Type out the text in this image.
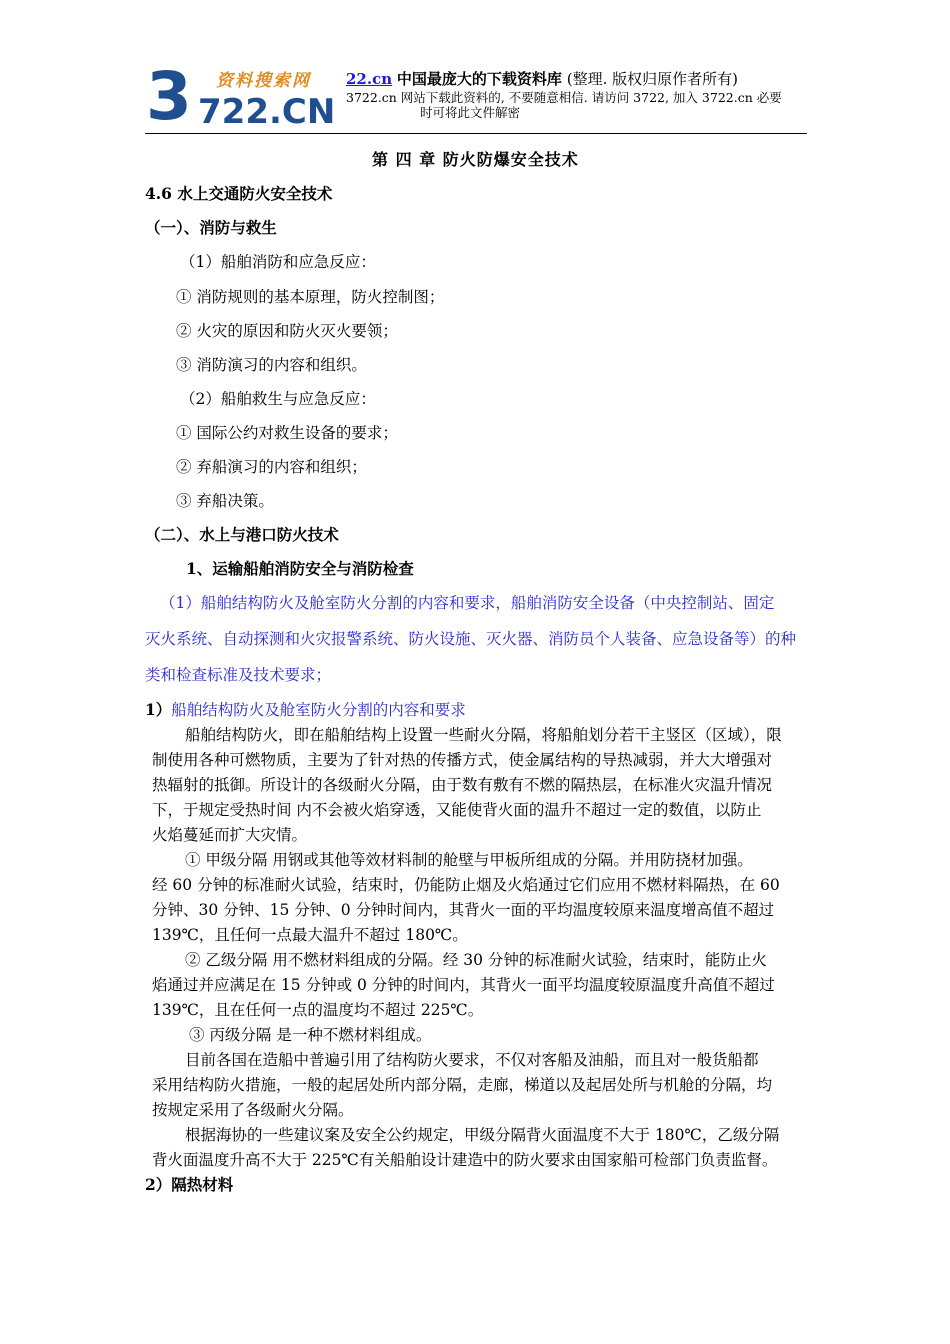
3 资料搜索网
722.CN
22.cn 中国最庞大的下载资料库 (整理. 版权归原作者所有)
3722.cn 网站下载此资料的, 不要随意相信. 请访问 3722, 加入 3722.cn 必要
时可将此文件解密
第 四 章 防火防爆安全技术
4.6 水上交通防火安全技术
（一）、消防与救生
（1）船舶消防和应急反应：
① 消防规则的基本原理，防火控制图；
② 火灾的原因和防火灭火要领；
③ 消防演习的内容和组织。
（2）船舶救生与应急反应：
① 国际公约对救生设备的要求；
② 弃船演习的内容和组织；
③ 弃船决策。
（二）、水上与港口防火技术
1、运输船舶消防安全与消防检查
（1）船舶结构防火及舱室防火分割的内容和要求，船舶消防安全设备（中央控制站、固定
灭火系统、自动探测和火灾报警系统、防火设施、灭火器、消防员个人装备、应急设备等）的种
类和检查标准及技术要求；
1）船舶结构防火及舱室防火分割的内容和要求
船舶结构防火，即在船舶结构上设置一些耐火分隔，将船舶划分若干主竖区（区域），限
制使用各种可燃物质，主要为了针对热的传播方式，使金属结构的导热减弱，并大大增强对
热辐射的抵御。所设计的各级耐火分隔，由于数有敷有不燃的隔热层，在标准火灾温升情况
下，于规定受热时间 内不会被火焰穿透，又能使背火面的温升不超过一定的数值，以防止
火焰蔓延而扩大灾情。
① 甲级分隔 用钢或其他等效材料制的舱壁与甲板所组成的分隔。并用防挠材加强。
经 60 分钟的标准耐火试验，结束时，仍能防止烟及火焰通过它们应用不燃材料隔热，在 60
分钟、30 分钟、15 分钟、0 分钟时间内，其背火一面的平均温度较原来温度增高值不超过
139℃，且任何一点最大温升不超过 180℃。
② 乙级分隔 用不燃材料组成的分隔。经 30 分钟的标准耐火试验，结束时，能防止火
焰通过并应满足在 15 分钟或 0 分钟的时间内，其背火一面平均温度较原温度升高值不超过
139℃，且在任何一点的温度均不超过 225℃。
③ 丙级分隔 是一种不燃材料组成。
目前各国在造船中普遍引用了结构防火要求，不仅对客船及油船，而且对一般货船都
采用结构防火措施，一般的起居处所内部分隔，走廊，梯道以及起居处所与机舱的分隔，均
按规定采用了各级耐火分隔。
根据海协的一些建议案及安全公约规定，甲级分隔背火面温度不大于 180℃，乙级分隔
背火面温度升高不大于 225℃有关船舶设计建造中的防火要求由国家船可检部门负责监督。
2）隔热材料
